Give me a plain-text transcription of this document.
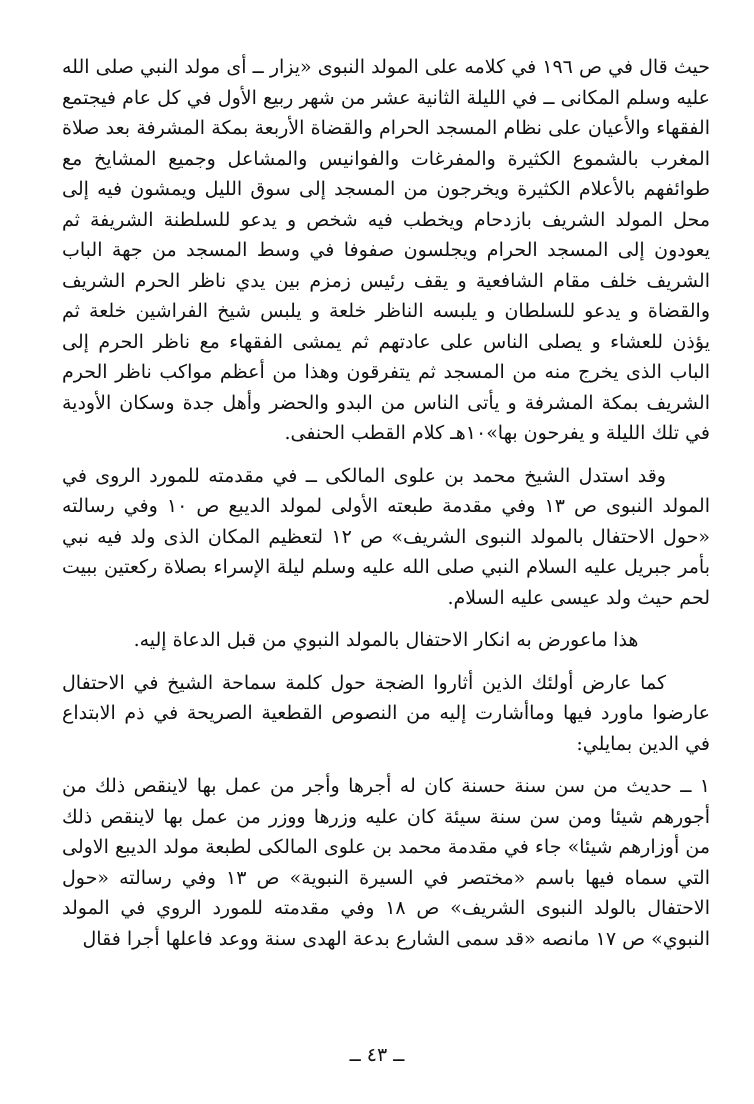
حيث قال في ص ١٩٦ في كلامه على المولد النبوى «يزار ــ أى مولد النبي صلى الله عليه وسلم المكانى ــ في الليلة الثانية عشر من شهر ربيع الأول في كل عام فيجتمع الفقهاء والأعيان على نظام المسجد الحرام والقضاة الأربعة بمكة المشرفة بعد صلاة المغرب بالشموع الكثيرة والمفرغات والفوانيس والمشاعل وجميع المشايخ مع طوائفهم بالأعلام الكثيرة ويخرجون من المسجد إلى سوق الليل ويمشون فيه إلى محل المولد الشريف بازدحام ويخطب فيه شخص و يدعو للسلطنة الشريفة ثم يعودون إلى المسجد الحرام ويجلسون صفوفا في وسط المسجد من جهة الباب الشريف خلف مقام الشافعية و يقف رئيس زمزم بين يدي ناظر الحرم الشريف والقضاة و يدعو للسلطان و يلبسه الناظر خلعة و يلبس شيخ الفراشين خلعة ثم يؤذن للعشاء و يصلى الناس على عادتهم ثم يمشى الفقهاء مع ناظر الحرم إلى الباب الذى يخرج منه من المسجد ثم يتفرقون وهذا من أعظم مواكب ناظر الحرم الشريف بمكة المشرفة و يأتى الناس من البدو والحضر وأهل جدة وسكان الأودية في تلك الليلة و يفرحون بها»١٠هـ كلام القطب الحنفى.

وقد استدل الشيخ محمد بن علوى المالكى ــ في مقدمته للمورد الروى في المولد النبوى ص ١٣ وفي مقدمة طبعته الأولى لمولد الديبع ص ١٠ وفي رسالته «حول الاحتفال بالمولد النبوى الشريف» ص ١٢ لتعظيم المكان الذى ولد فيه نبي بأمر جبريل عليه السلام النبي صلى الله عليه وسلم ليلة الإسراء بصلاة ركعتين ببيت لحم حيث ولد عيسى عليه السلام.

هذا ماعورض به انكار الاحتفال بالمولد النبوي من قبل الدعاة إليه.

كما عارض أولئك الذين أثاروا الضجة حول كلمة سماحة الشيخ في الاحتفال عارضوا ماورد فيها وماأشارت إليه من النصوص القطعية الصريحة في ذم الابتداع في الدين بمايلي:

١ ــ حديث من سن سنة حسنة كان له أجرها وأجر من عمل بها لاينقص ذلك من أجورهم شيئا ومن سن سنة سيئة كان عليه وزرها ووزر من عمل بها لاينقص ذلك من أوزارهم شيئا» جاء في مقدمة محمد بن علوى المالكى لطبعة مولد الديبع الاولى التي سماه فيها باسم «مختصر في السيرة النبوية» ص ١٣ وفي رسالته «حول الاحتفال بالولد النبوى الشريف» ص ١٨ وفي مقدمته للمورد الروي في المولد النبوي» ص ١٧ مانصه «قد سمى الشارع بدعة الهدى سنة ووعد فاعلها أجرا فقال

ــ ٤٣ ــ
